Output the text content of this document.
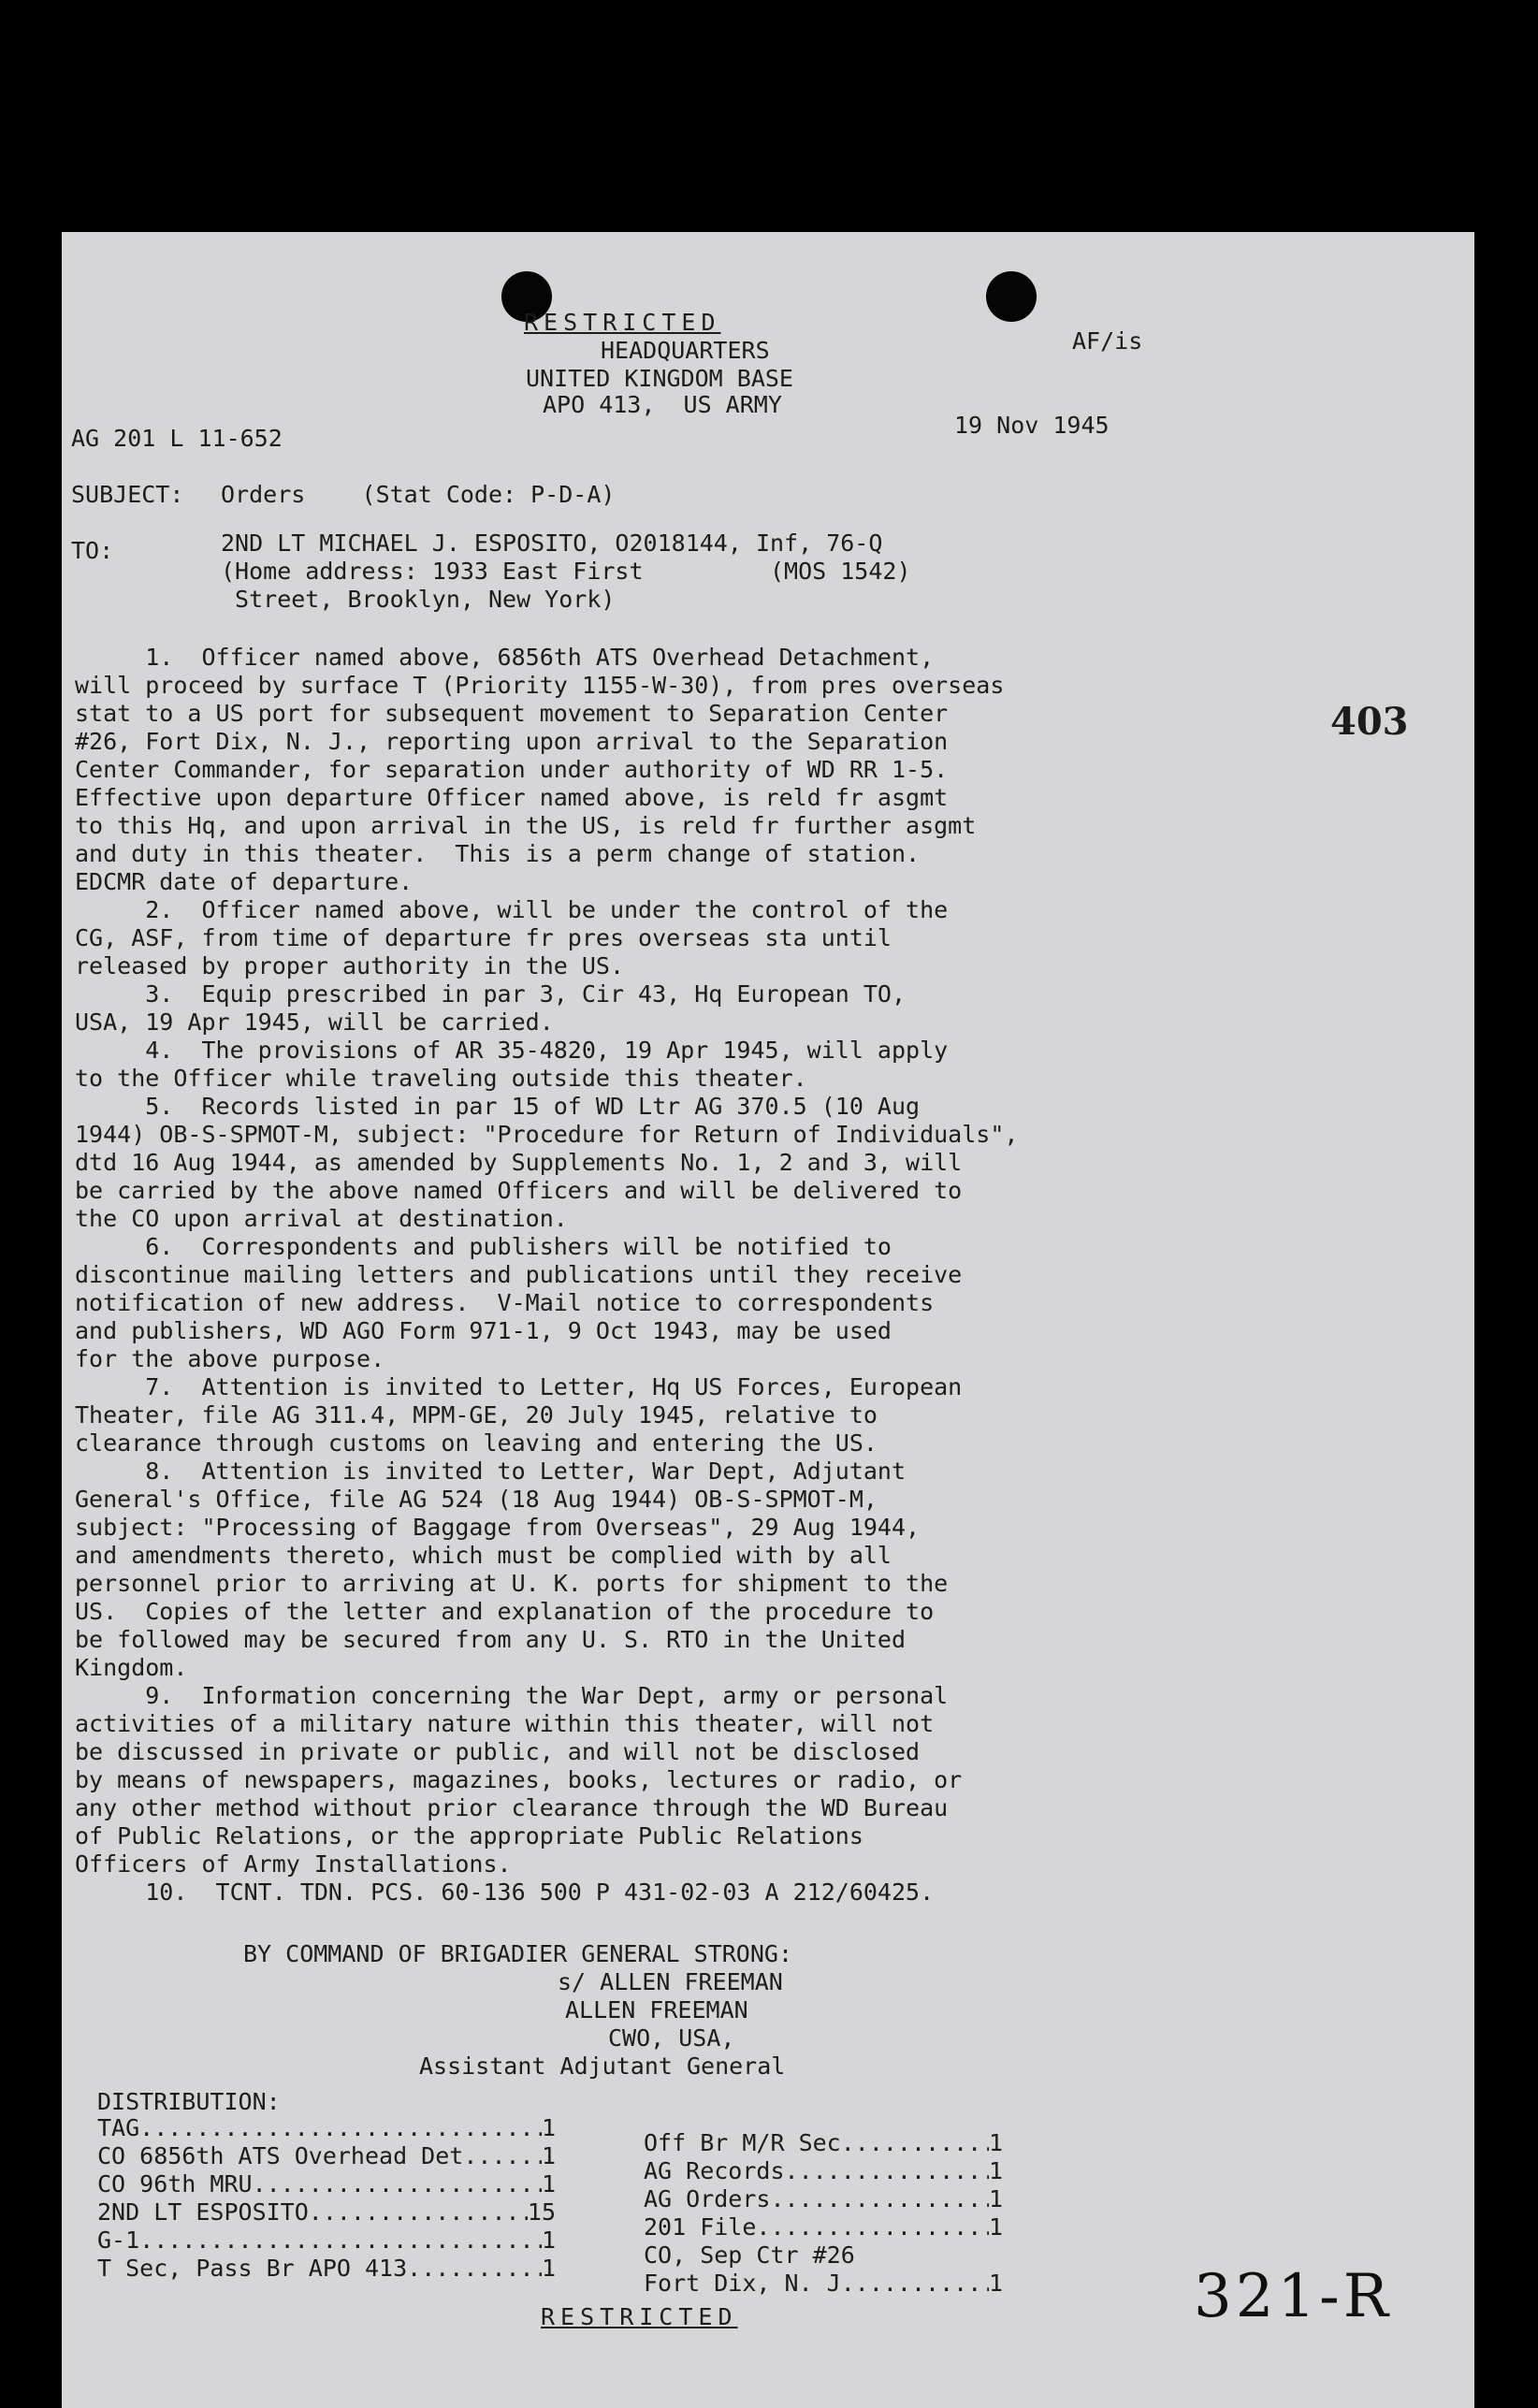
RESTRICTED
HEADQUARTERS
UNITED KINGDOM BASE
APO 413,  US ARMY
AF/is
AG 201 L 11-652	19 Nov 1945
403
SUBJECT: Orders    (Stat Code: P-D-A)
TO:	2ND LT MICHAEL J. ESPOSITO, O2018144, Inf, 76-Q
(Home address: 1933 East First         (MOS 1542)
Street, Brooklyn, New York)

1.  Officer named above, 6856th ATS Overhead Detachment,

will proceed by surface T (Priority 1155-W-30), from pres overseas

stat to a US port for subsequent movement to Separation Center

#26, Fort Dix, N. J., reporting upon arrival to the Separation

Center Commander, for separation under authority of WD RR 1-5.

Effective upon departure Officer named above, is reld fr asgmt

to this Hq, and upon arrival in the US, is reld fr further asgmt

and duty in this theater.  This is a perm change of station.

EDCMR date of departure.

2.  Officer named above, will be under the control of the

CG, ASF, from time of departure fr pres overseas sta until

released by proper authority in the US.

3.  Equip prescribed in par 3, Cir 43, Hq European TO,

USA, 19 Apr 1945, will be carried.

4.  The provisions of AR 35-4820, 19 Apr 1945, will apply

to the Officer while traveling outside this theater.

5.  Records listed in par 15 of WD Ltr AG 370.5 (10 Aug

1944) OB-S-SPMOT-M, subject: "Procedure for Return of Individuals",

dtd 16 Aug 1944, as amended by Supplements No. 1, 2 and 3, will

be carried by the above named Officers and will be delivered to

the CO upon arrival at destination.

6.  Correspondents and publishers will be notified to

discontinue mailing letters and publications until they receive

notification of new address.  V-Mail notice to correspondents

and publishers, WD AGO Form 971-1, 9 Oct 1943, may be used

for the above purpose.

7.  Attention is invited to Letter, Hq US Forces, European

Theater, file AG 311.4, MPM-GE, 20 July 1945, relative to

clearance through customs on leaving and entering the US.

8.  Attention is invited to Letter, War Dept, Adjutant

General's Office, file AG 524 (18 Aug 1944) OB-S-SPMOT-M,

subject: "Processing of Baggage from Overseas", 29 Aug 1944,

and amendments thereto, which must be complied with by all

personnel prior to arriving at U. K. ports for shipment to the

US.  Copies of the letter and explanation of the procedure to

be followed may be secured from any U. S. RTO in the United

Kingdom.

9.  Information concerning the War Dept, army or personal

activities of a military nature within this theater, will not

be discussed in private or public, and will not be disclosed

by means of newspapers, magazines, books, lectures or radio, or

any other method without prior clearance through the WD Bureau

of Public Relations, or the appropriate Public Relations

Officers of Army Installations.

10.  TCNT. TDN. PCS. 60-136 500 P 431-02-03 A 212/60425.

BY COMMAND OF BRIGADIER GENERAL STRONG:
s/ ALLEN FREEMAN
ALLEN FREEMAN
CWO, USA,
Assistant Adjutant General
DISTRIBUTION:
TAG .....	1
CO 6856th ATS Overhead Det .....	1
CO 96th MRU .....	1
2ND LT ESPOSITO .....	15
G-1 .....	1
T Sec, Pass Br APO 413 .....	1
Off Br M/R Sec .....	1
AG Records .....	1
AG Orders .....	1
201 File .....	1
CO, Sep Ctr #26
Fort Dix, N. J. .....	1
RESTRICTED	321-R
